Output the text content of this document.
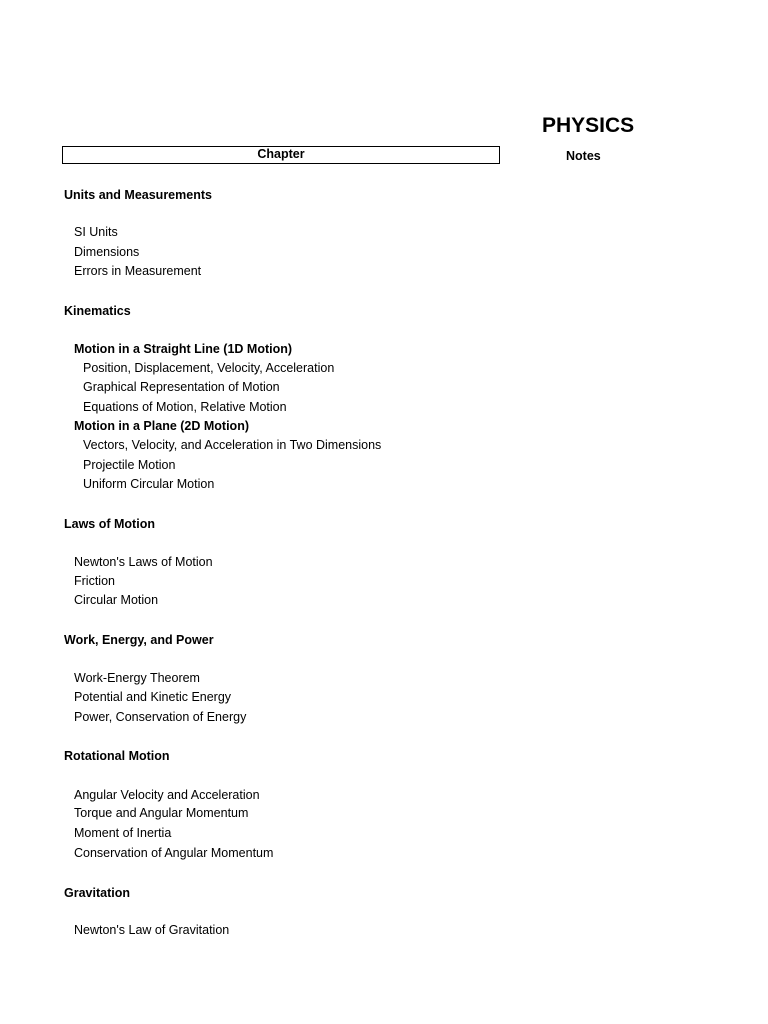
PHYSICS
Chapter	Notes
Units and Measurements
SI Units
Dimensions
Errors in Measurement
Kinematics
Motion in a Straight Line (1D Motion)
Position, Displacement, Velocity, Acceleration
Graphical Representation of Motion
Equations of Motion, Relative Motion
Motion in a Plane (2D Motion)
Vectors, Velocity, and Acceleration in Two Dimensions
Projectile Motion
Uniform Circular Motion
Laws of Motion
Newton's Laws of Motion
Friction
Circular Motion
Work, Energy, and Power
Work-Energy Theorem
Potential and Kinetic Energy
Power, Conservation of Energy
Rotational Motion
Angular Velocity and Acceleration
Torque and Angular Momentum
Moment of Inertia
Conservation of Angular Momentum
Gravitation
Newton's Law of Gravitation
